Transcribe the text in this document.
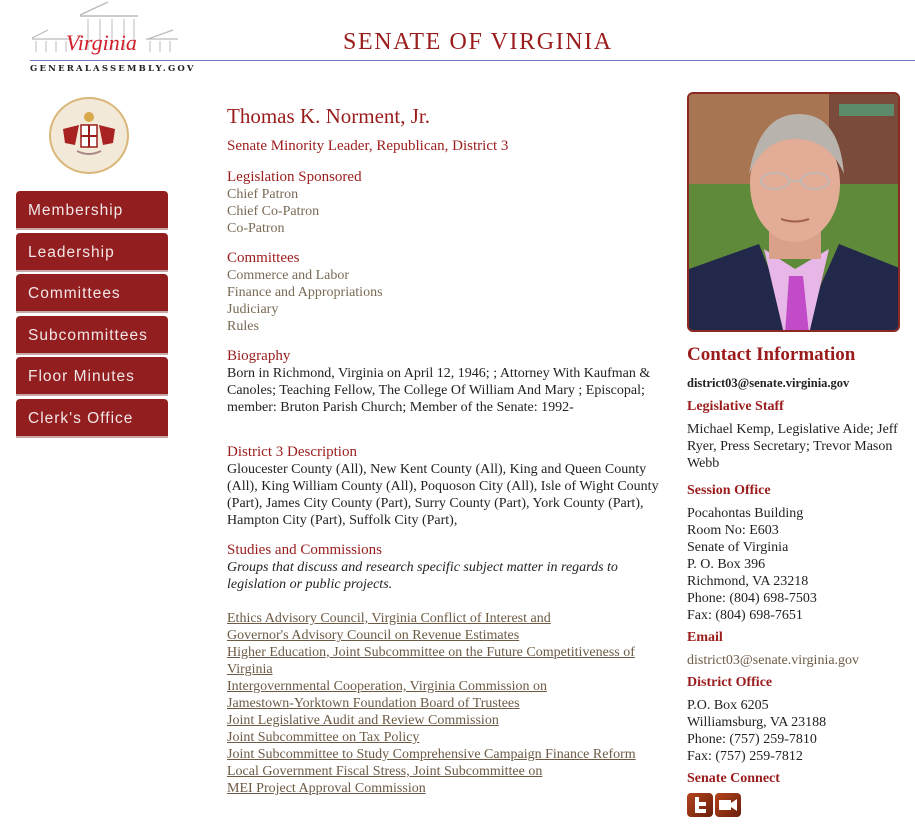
Virginia
GENERALASSEMBLY.GOV
SENATE OF VIRGINIA
Membership
Leadership
Committees
Subcommittees
Floor Minutes
Clerk's Office
Thomas K. Norment, Jr.
Senate Minority Leader, Republican, District 3
Legislation Sponsored
Chief Patron
Chief Co-Patron
Co-Patron
Committees
Commerce and Labor
Finance and Appropriations
Judiciary
Rules
Biography
Born in Richmond, Virginia on April 12, 1946; ; Attorney With Kaufman & Canoles; Teaching Fellow, The College Of William And Mary ; Episcopal; member: Bruton Parish Church; Member of the Senate: 1992-
District 3 Description
Gloucester County (All), New Kent County (All), King and Queen County (All), King William County (All), Poquoson City (All), Isle of Wight County (Part), James City County (Part), Surry County (Part), York County (Part), Hampton City (Part), Suffolk City (Part),
Studies and Commissions
Groups that discuss and research specific subject matter in regards to legislation or public projects.
Ethics Advisory Council, Virginia Conflict of Interest and
Governor's Advisory Council on Revenue Estimates
Higher Education, Joint Subcommittee on the Future Competitiveness of Virginia
Intergovernmental Cooperation, Virginia Commission on
Jamestown-Yorktown Foundation Board of Trustees
Joint Legislative Audit and Review Commission
Joint Subcommittee on Tax Policy
Joint Subcommittee to Study Comprehensive Campaign Finance Reform
Local Government Fiscal Stress, Joint Subcommittee on
MEI Project Approval Commission
Contact Information
district03@senate.virginia.gov
Legislative Staff
Michael Kemp, Legislative Aide; Jeff Ryer, Press Secretary; Trevor Mason Webb
Session Office
Pocahontas Building
Room No: E603
Senate of Virginia
P. O. Box 396
Richmond, VA 23218
Phone: (804) 698-7503
Fax: (804) 698-7651
Email
district03@senate.virginia.gov
District Office
P.O. Box 6205
Williamsburg, VA 23188
Phone: (757) 259-7810
Fax: (757) 259-7812
Senate Connect
